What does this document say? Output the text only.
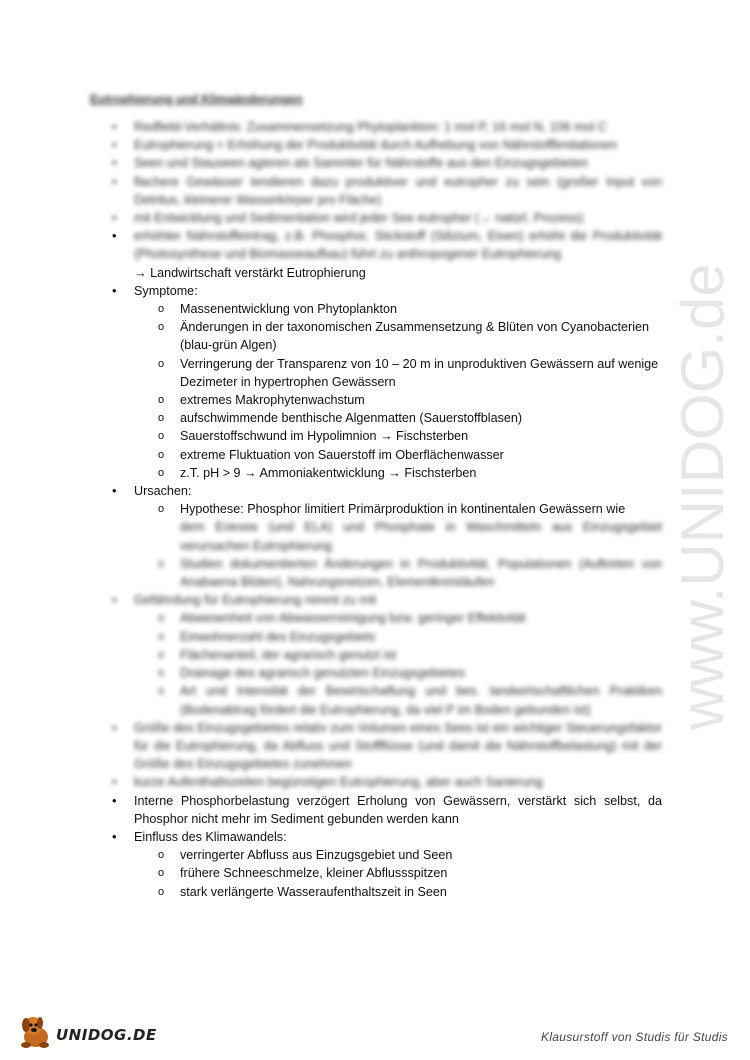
Eutrophierung und Klimaänderungen
• Redfield-Verhältnis: Zusammensetzung Phytoplankton: 1 mol P, 16 mol N, 106 mol C
• Eutrophierung = Erhöhung der Produktivität durch Aufhebung von Nährstofflimitationen
• Seen und Stauseen agieren als Sammler für Nährstoffe aus den Einzugsgebieten
• flachere Gewässer tendieren dazu produktiver und eutropher zu sein (großer Input von Detritus, kleinerer Wasserkörper pro Fläche)
• mit Entwicklung und Sedimentation wird jeder See eutropher (→ natürl. Prozess)
• erhöhter Nährstoffeintrag, z.B. Phosphor, Stickstoff (Silizium, Eisen) erhöht die Produktivität (Photosynthese und Biomasseaufbau) führt zu anthropogener Eutrophierung
→ Landwirtschaft verstärkt Eutrophierung
• Symptome:
o Massenentwicklung von Phytoplankton
o Änderungen in der taxonomischen Zusammensetzung & Blüten von Cyanobacterien (blau-grün Algen)
o Verringerung der Transparenz von 10 – 20 m in unproduktiven Gewässern auf wenige Dezimeter in hypertrophen Gewässern
o extremes Makrophytenwachstum
o aufschwimmende benthische Algenmatten (Sauerstoffblasen)
o Sauerstoffschwund im Hypolimnion → Fischsterben
o extreme Fluktuation von Sauerstoff im Oberflächenwasser
o z.T. pH > 9 → Ammoniakentwicklung → Fischsterben
• Ursachen:
o Hypothese: Phosphor limitiert Primärproduktion in kontinentalen Gewässern wie
dem Eriesee (und ELA) und Phosphate in Waschmitteln aus Einzugsgebiet verursachen Eutrophierung
o Studien dokumentierten Änderungen in Produktivität, Populationen (Auftreten von Anabaena Blüten), Nahrungsnetzen, Elementkreisläufen
• Gefährdung für Eutrophierung nimmt zu mit
o Abwesenheit von Abwasserreinigung bzw. geringer Effektivität
o Einwohnerzahl des Einzugsgebiets
o Flächenanteil, der agrarisch genutzt ist
o Drainage des agrarisch genutzten Einzugsgebietes
o Art und Intensität der Bewirtschaftung und bes. landwirtschaftlichen Praktiken (Bodenabtrag fördert die Eutrophierung, da viel P im Boden gebunden ist)
• Größe des Einzugsgebietes relativ zum Volumen eines Sees ist ein wichtiger Steuerungsfaktor für die Eutrophierung, da Abfluss und Stoffflüsse (und damit die Nährstoffbelastung) mit der Größe des Einzugsgebietes zunehmen
• kurze Aufenthaltszeiten begünstigen Eutrophierung, aber auch Sanierung
• Interne Phosphorbelastung verzögert Erholung von Gewässern, verstärkt sich selbst, da Phosphor nicht mehr im Sediment gebunden werden kann
• Einfluss des Klimawandels:
o verringerter Abfluss aus Einzugsgebiet und Seen
o frühere Schneeschmelze, kleiner Abflussspitzen
o stark verlängerte Wasseraufenthaltszeit in Seen
www.UNIDOG.de
UNIDOG.DE	Klausurstoff von Studis für Studis
